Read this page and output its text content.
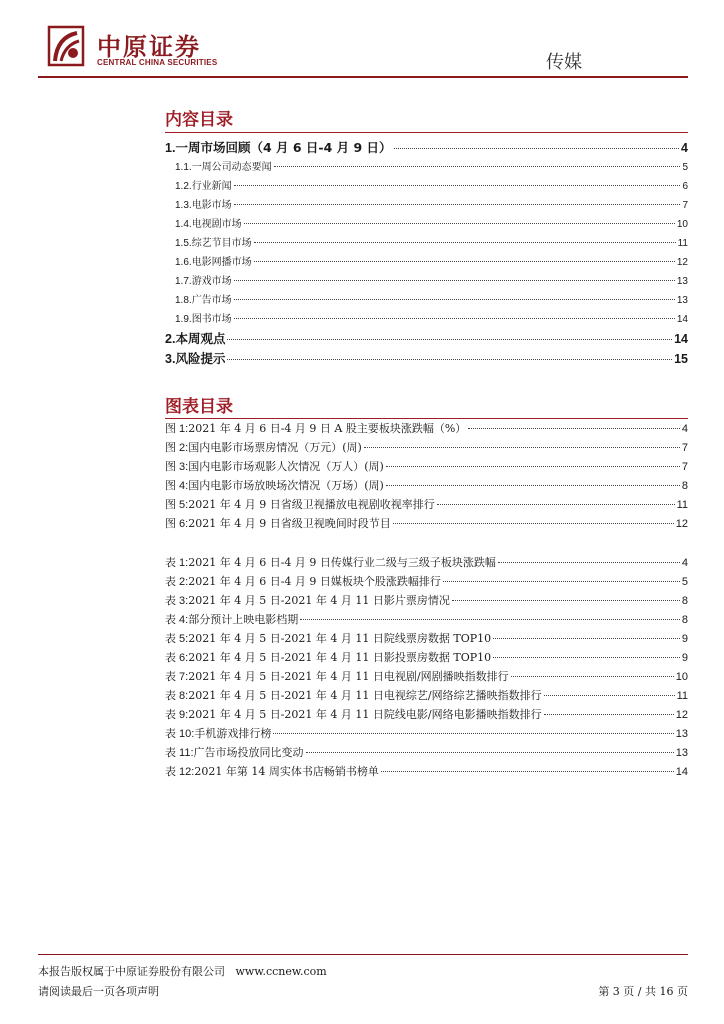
中原证券
CENTRAL CHINA SECURITIES	传媒
内容目录
1. 一周市场回顾（4 月 6 日-4 月 9 日）	4
1.1. 一周公司动态要闻	5
1.2. 行业新闻	6
1.3. 电影市场	7
1.4. 电视剧市场	10
1.5. 综艺节目市场	11
1.6. 电影网播市场	12
1.7. 游戏市场	13
1.8. 广告市场	13
1.9. 图书市场	14
2. 本周观点	14
3. 风险提示	15
图表目录
图 1: 2021 年 4 月 6 日-4 月 9 日 A 股主要板块涨跌幅（%）	4
图 2: 国内电影市场票房情况（万元）(周)	7
图 3: 国内电影市场观影人次情况（万人）(周)	7
图 4: 国内电影市场放映场次情况（万场）(周)	8
图 5: 2021 年 4 月 9 日省级卫视播放电视剧收视率排行	11
图 6: 2021 年 4 月 9 日省级卫视晚间时段节目	12
表 1: 2021 年 4 月 6 日-4 月 9 日传媒行业二级与三级子板块涨跌幅	4
表 2: 2021 年 4 月 6 日-4 月 9 日媒板块个股涨跌幅排行	5
表 3: 2021 年 4 月 5 日-2021 年 4 月 11 日影片票房情况	8
表 4: 部分预计上映电影档期	8
表 5: 2021 年 4 月 5 日-2021 年 4 月 11 日院线票房数据 TOP10	9
表 6: 2021 年 4 月 5 日-2021 年 4 月 11 日影投票房数据 TOP10	9
表 7: 2021 年 4 月 5 日-2021 年 4 月 11 日电视剧/网剧播映指数排行	10
表 8: 2021 年 4 月 5 日-2021 年 4 月 11 日电视综艺/网络综艺播映指数排行	11
表 9: 2021 年 4 月 5 日-2021 年 4 月 11 日院线电影/网络电影播映指数排行	12
表 10: 手机游戏排行榜	13
表 11: 广告市场投放同比变动	13
表 12: 2021 年第 14 周实体书店畅销书榜单	14
本报告版权属于中原证券股份有限公司 www.ccnew.com
请阅读最后一页各项声明	第 3 页 / 共 16 页
